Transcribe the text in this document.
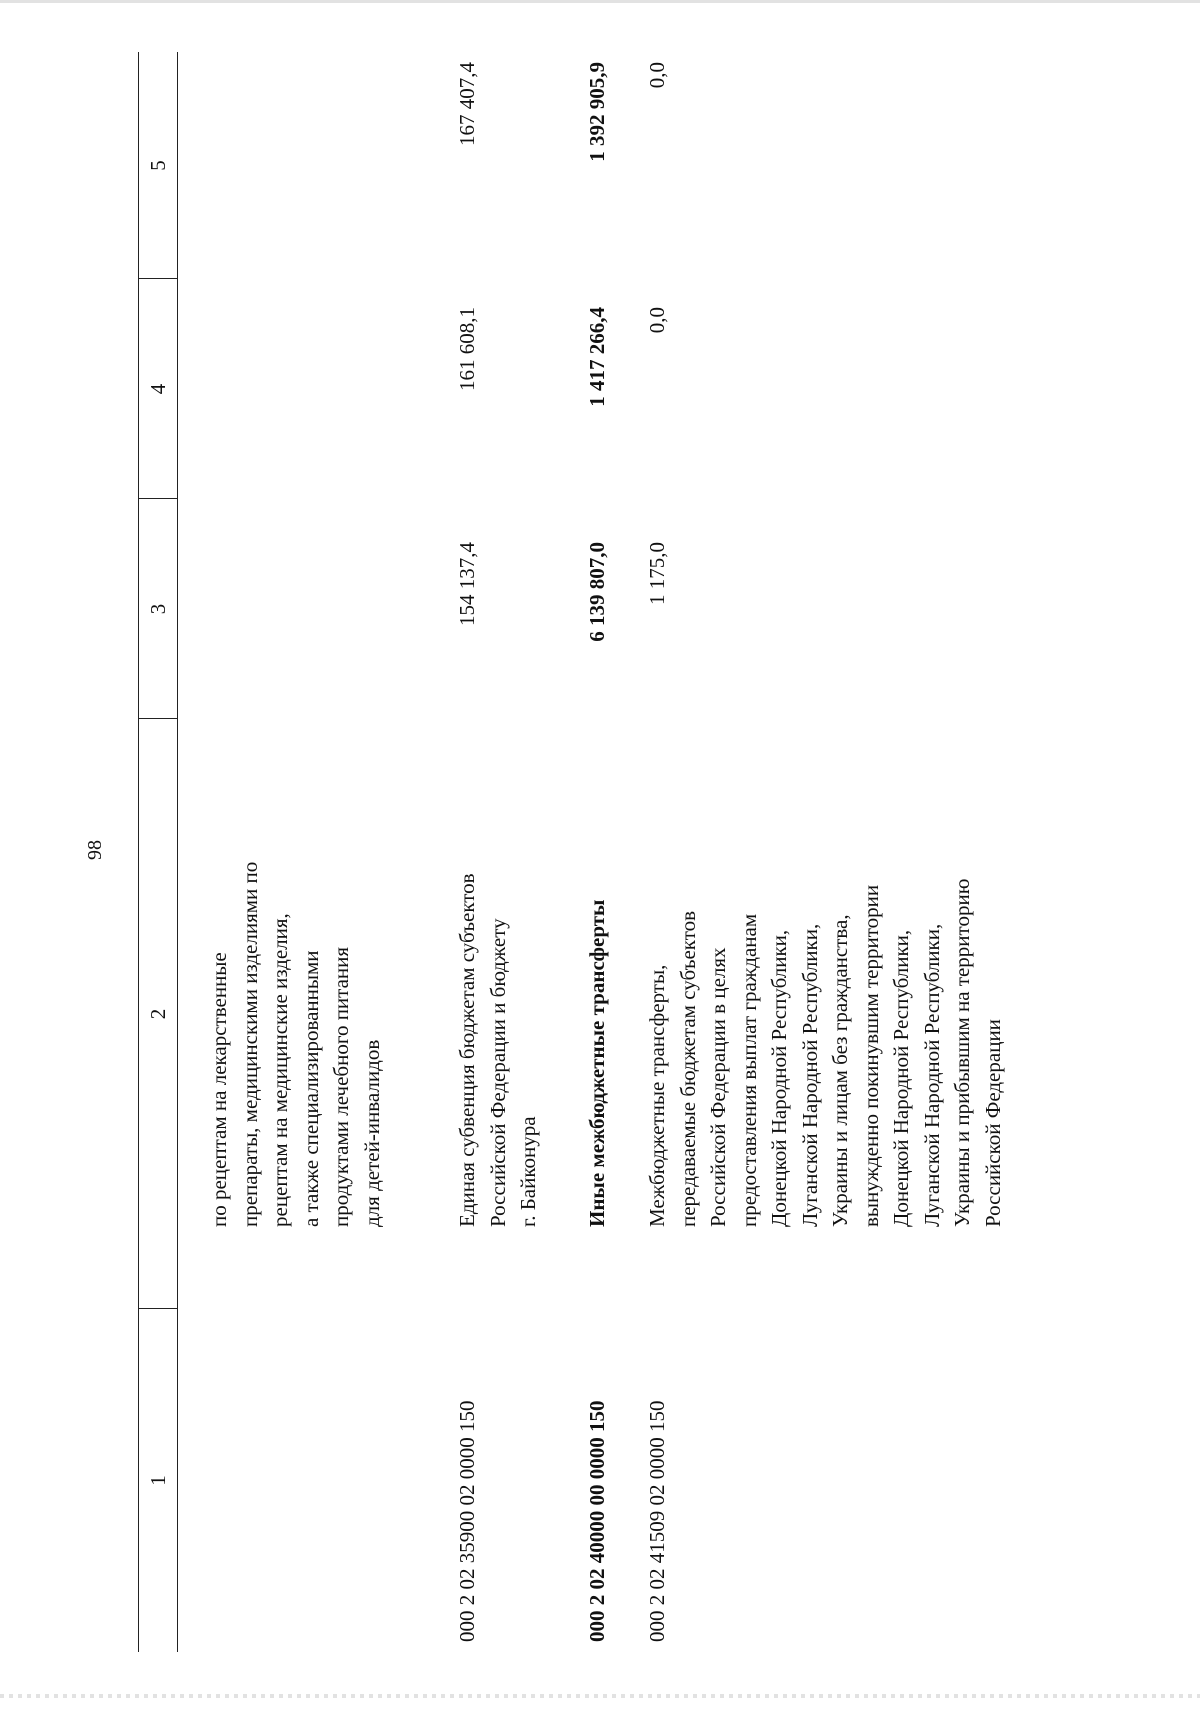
98
1
2
3
4
5

по рецептам на лекарственные препараты, медицинскими изделиями по рецептам на медицинские изделия, а также специализированными продуктами лечебного питания для детей-инвалидов

000 2 02 35900 02 0000 150

Единая субвенция бюджетам субъектов Российской Федерации и бюджету г. Байконура

154 137,4
161 608,1
167 407,4
000 2 02 40000 00 0000 150

Иные межбюджетные трансферты

6 139 807,0
1 417 266,4
1 392 905,9
000 2 02 41509 02 0000 150

Межбюджетные трансферты, передаваемые бюджетам субъектов Российской Федерации в целях предоставления выплат гражданам Донецкой Народной Республики, Луганской Народной Республики, Украины и лицам без гражданства, вынужденно покинувшим территории Донецкой Народной Республики, Луганской Народной Республики, Украины и прибывшим на территорию Российской Федерации

1 175,0
0,0
0,0
